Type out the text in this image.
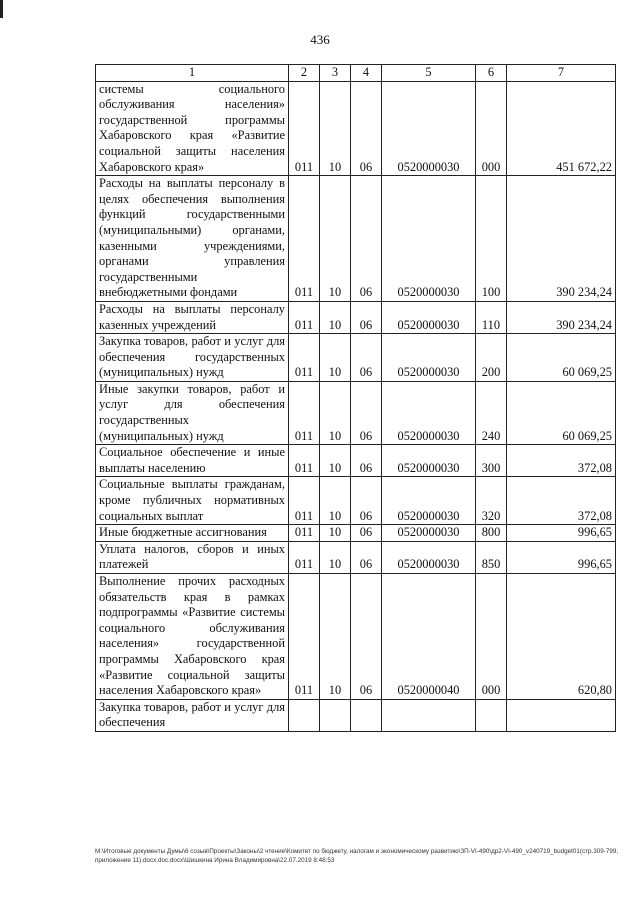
436
1	2	3	4	5	6	7
системы социального обслуживания населения» государственной программы Хабаровского края «Развитие социальной защиты населения Хабаровского края»	011	10	06	0520000030	000	451 672,22
Расходы на выплаты персоналу в целях обеспечения выполнения функций государственными (муниципальными) органами, казенными учреждениями, органами управления государственными внебюджетными фондами	011	10	06	0520000030	100	390 234,24
Расходы на выплаты персоналу казенных учреждений	011	10	06	0520000030	110	390 234,24
Закупка товаров, работ и услуг для обеспечения государственных (муниципальных) нужд	011	10	06	0520000030	200	60 069,25
Иные закупки товаров, работ и услуг для обеспечения государственных (муниципальных) нужд	011	10	06	0520000030	240	60 069,25
Социальное обеспечение и иные выплаты населению	011	10	06	0520000030	300	372,08
Социальные выплаты гражданам, кроме публичных нормативных социальных выплат	011	10	06	0520000030	320	372,08
Иные бюджетные ассигнования	011	10	06	0520000030	800	996,65
Уплата налогов, сборов и иных платежей	011	10	06	0520000030	850	996,65
Выполнение прочих расходных обязательств края в рамках подпрограммы «Развитие системы социального обслуживания населения» государственной программы Хабаровского края «Развитие социальной защиты населения Хабаровского края»	011	10	06	0520000040	000	620,80
Закупка товаров, работ и услуг для обеспечения						
M:\Итоговые документы Думы\6 созыв\Проекты\Законы\2 чтение\Комитет по бюджету, налогам и экономическому развитию\ЗП-VI-490\др2-VI-490_v240719_budget01(стр.309-799, приложение 11).docx.doc.docx\Шишкина Ирина Владимировна\22.07.2019 8:48:53
